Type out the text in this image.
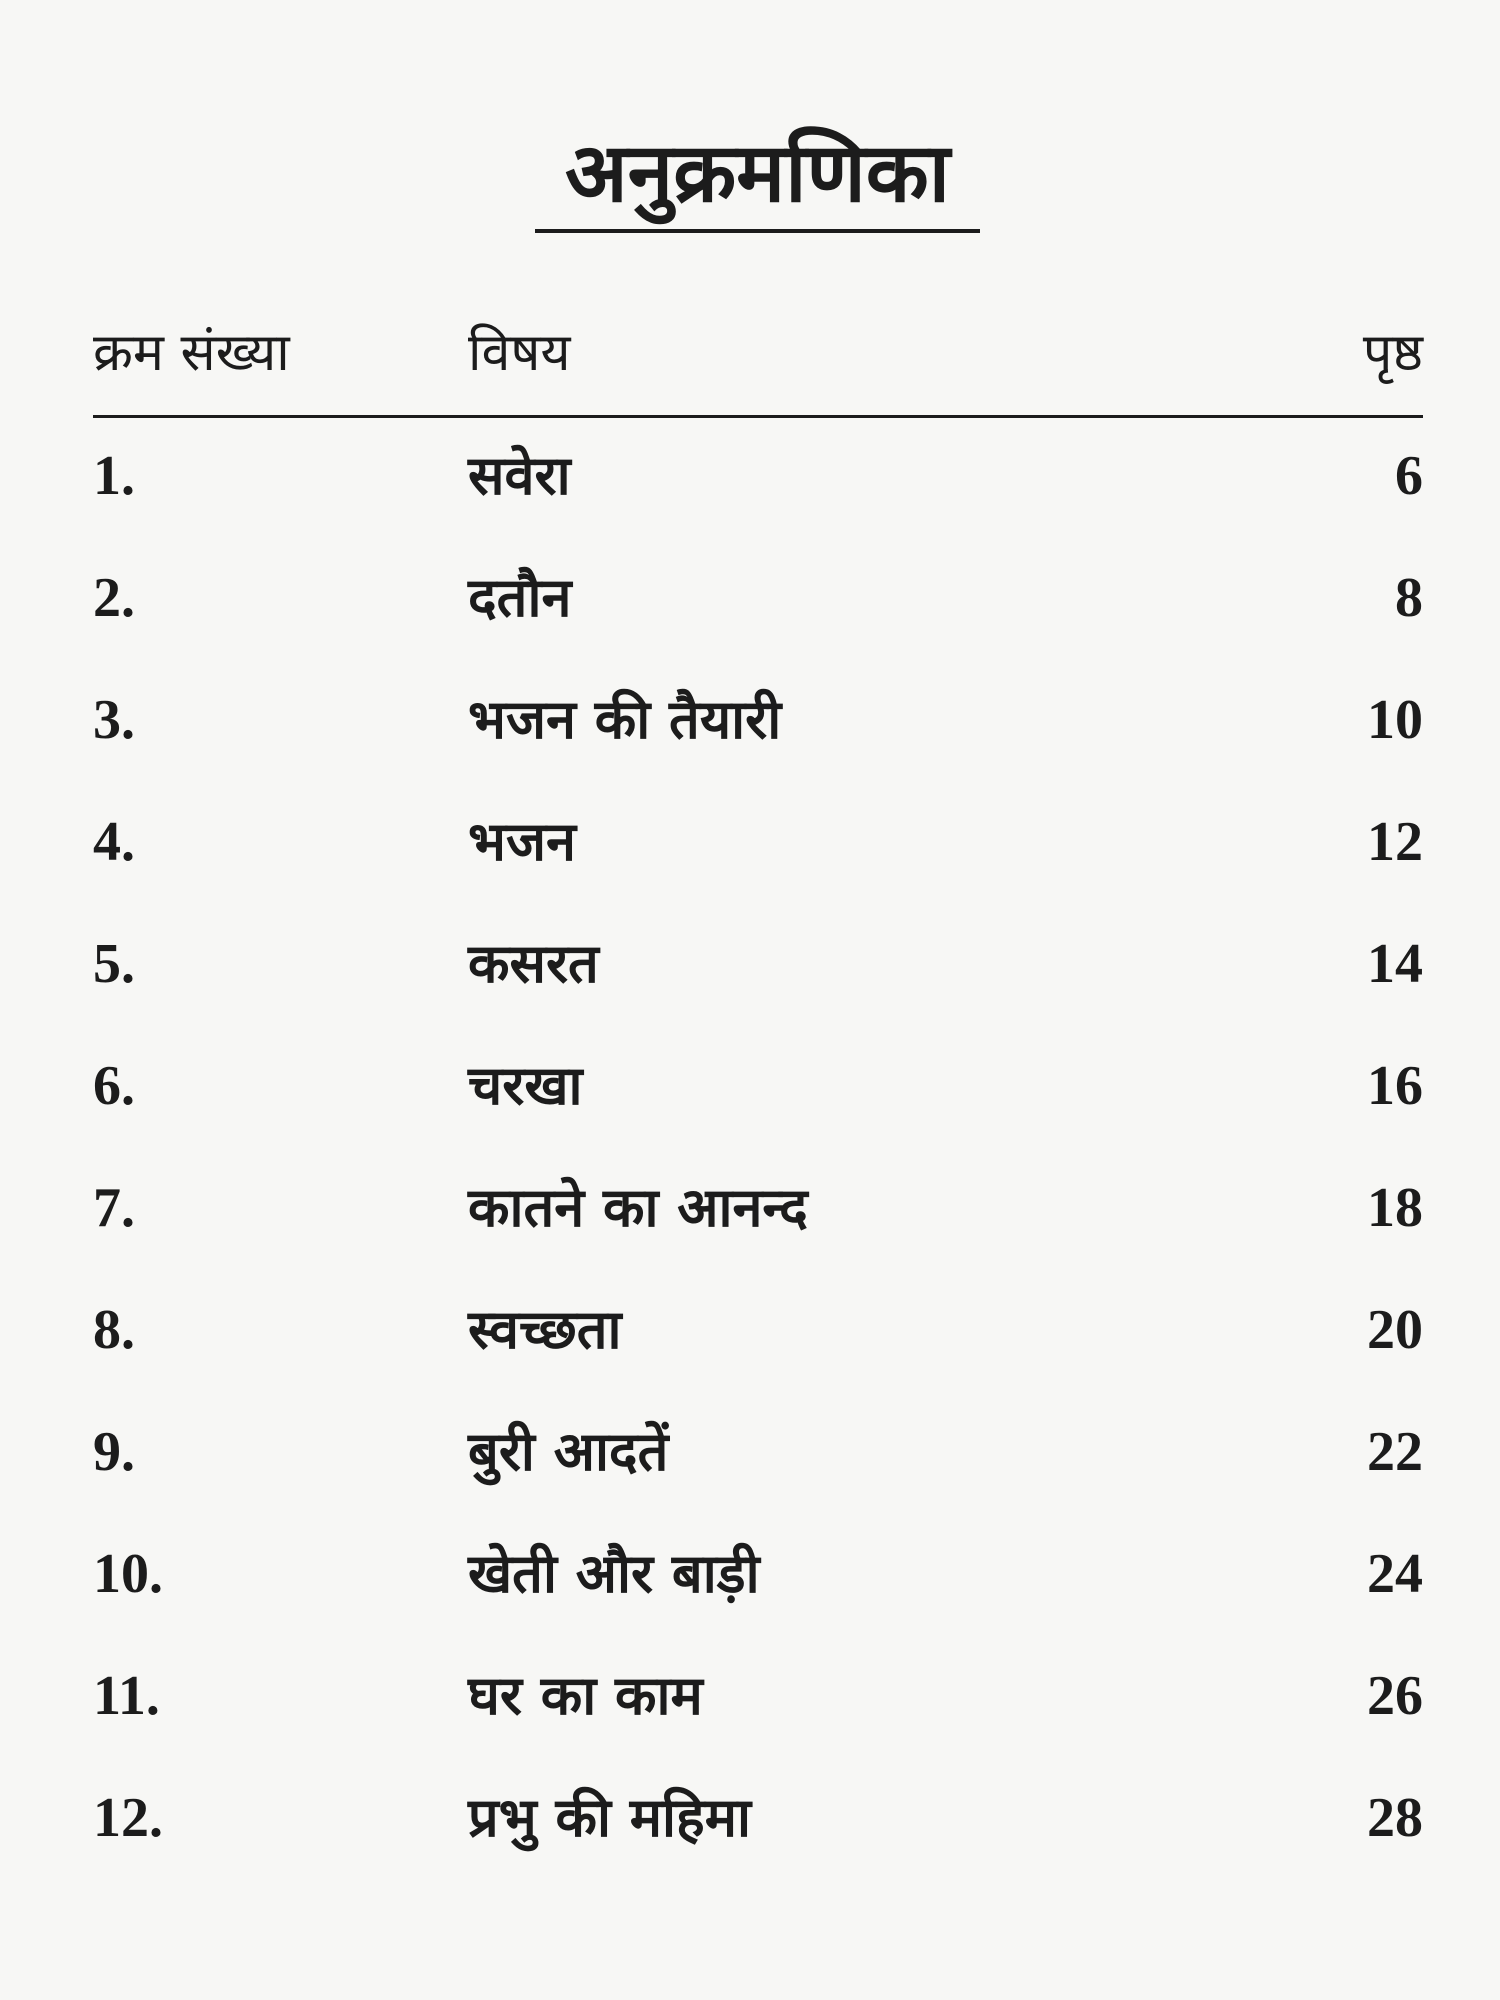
अनुक्रमणिका
क्रम संख्या	विषय	पृष्ठ
1.	सवेरा	6
2.	दतौन	8
3.	भजन की तैयारी	10
4.	भजन	12
5.	कसरत	14
6.	चरखा	16
7.	कातने का आनन्द	18
8.	स्वच्छता	20
9.	बुरी आदतें	22
10.	खेती और बाड़ी	24
11.	घर का काम	26
12.	प्रभु की महिमा	28
